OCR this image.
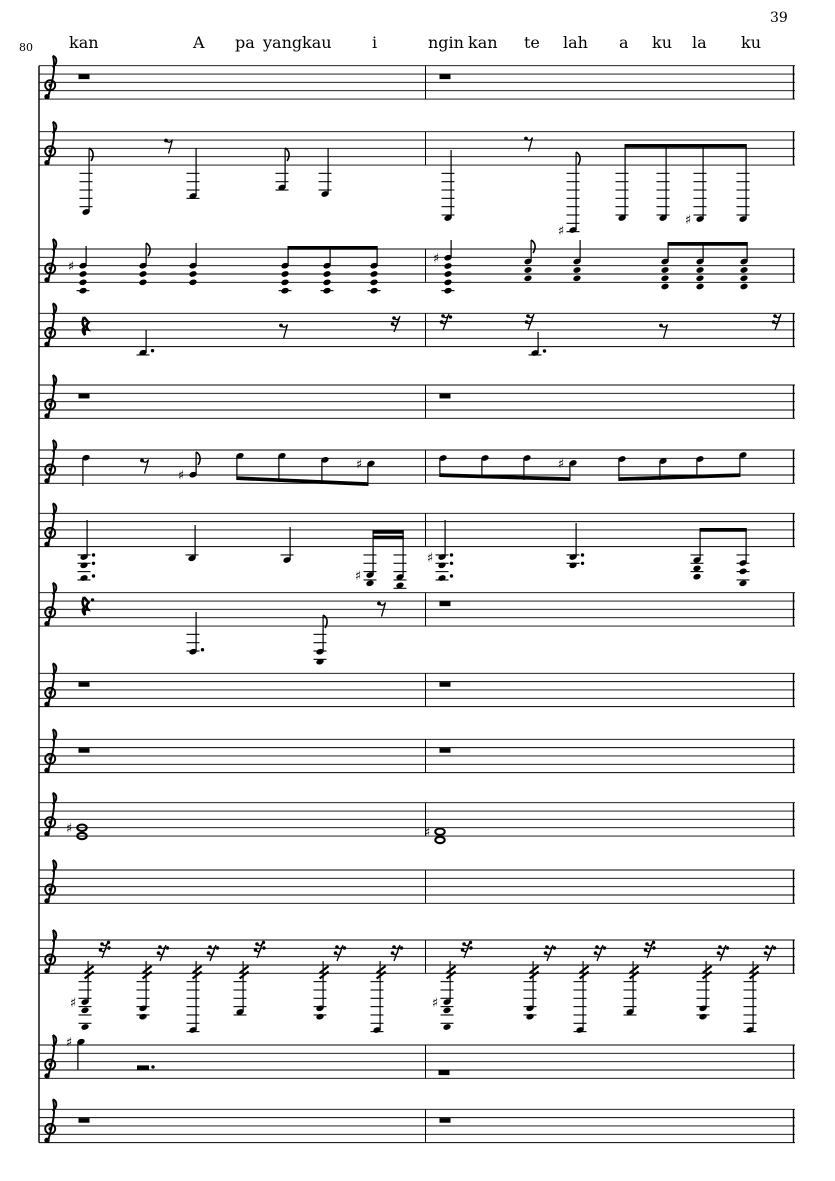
39
80 kan	A pa yang kau	i	ngin kan te lah a ku la ku
♯
♯
♯
♯
♯
♯	♯
♯
♯
♯	♯
♯	♯
♯
